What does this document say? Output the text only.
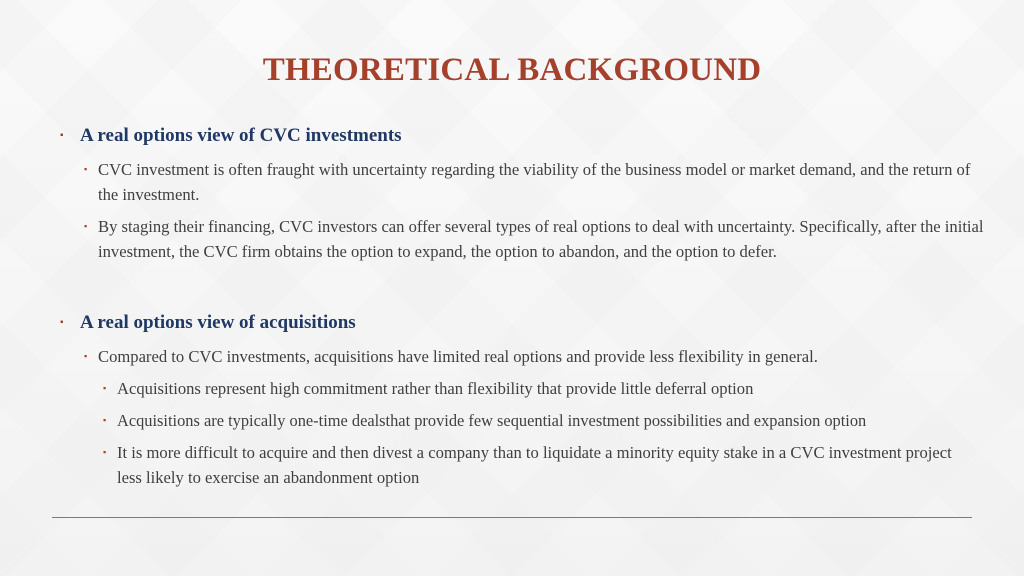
THEORETICAL BACKGROUND
▪ A real options view of CVC investments
▪ CVC investment is often fraught with uncertainty regarding the viability of the business model or market demand, and the return of the investment.
▪ By staging their financing, CVC investors can offer several types of real options to deal with uncertainty. Specifically, after the initial investment, the CVC firm obtains the option to expand, the option to abandon, and the option to defer.
▪ A real options view of acquisitions
▪ Compared to CVC investments, acquisitions have limited real options and provide less flexibility in general.
▪ Acquisitions represent high commitment rather than flexibility that provide little deferral option
▪ Acquisitions are typically one-time dealsthat provide few sequential investment possibilities and expansion option
▪ It is more difficult to acquire and then divest a company than to liquidate a minority equity stake in a CVC investment project less likely to exercise an abandonment option
